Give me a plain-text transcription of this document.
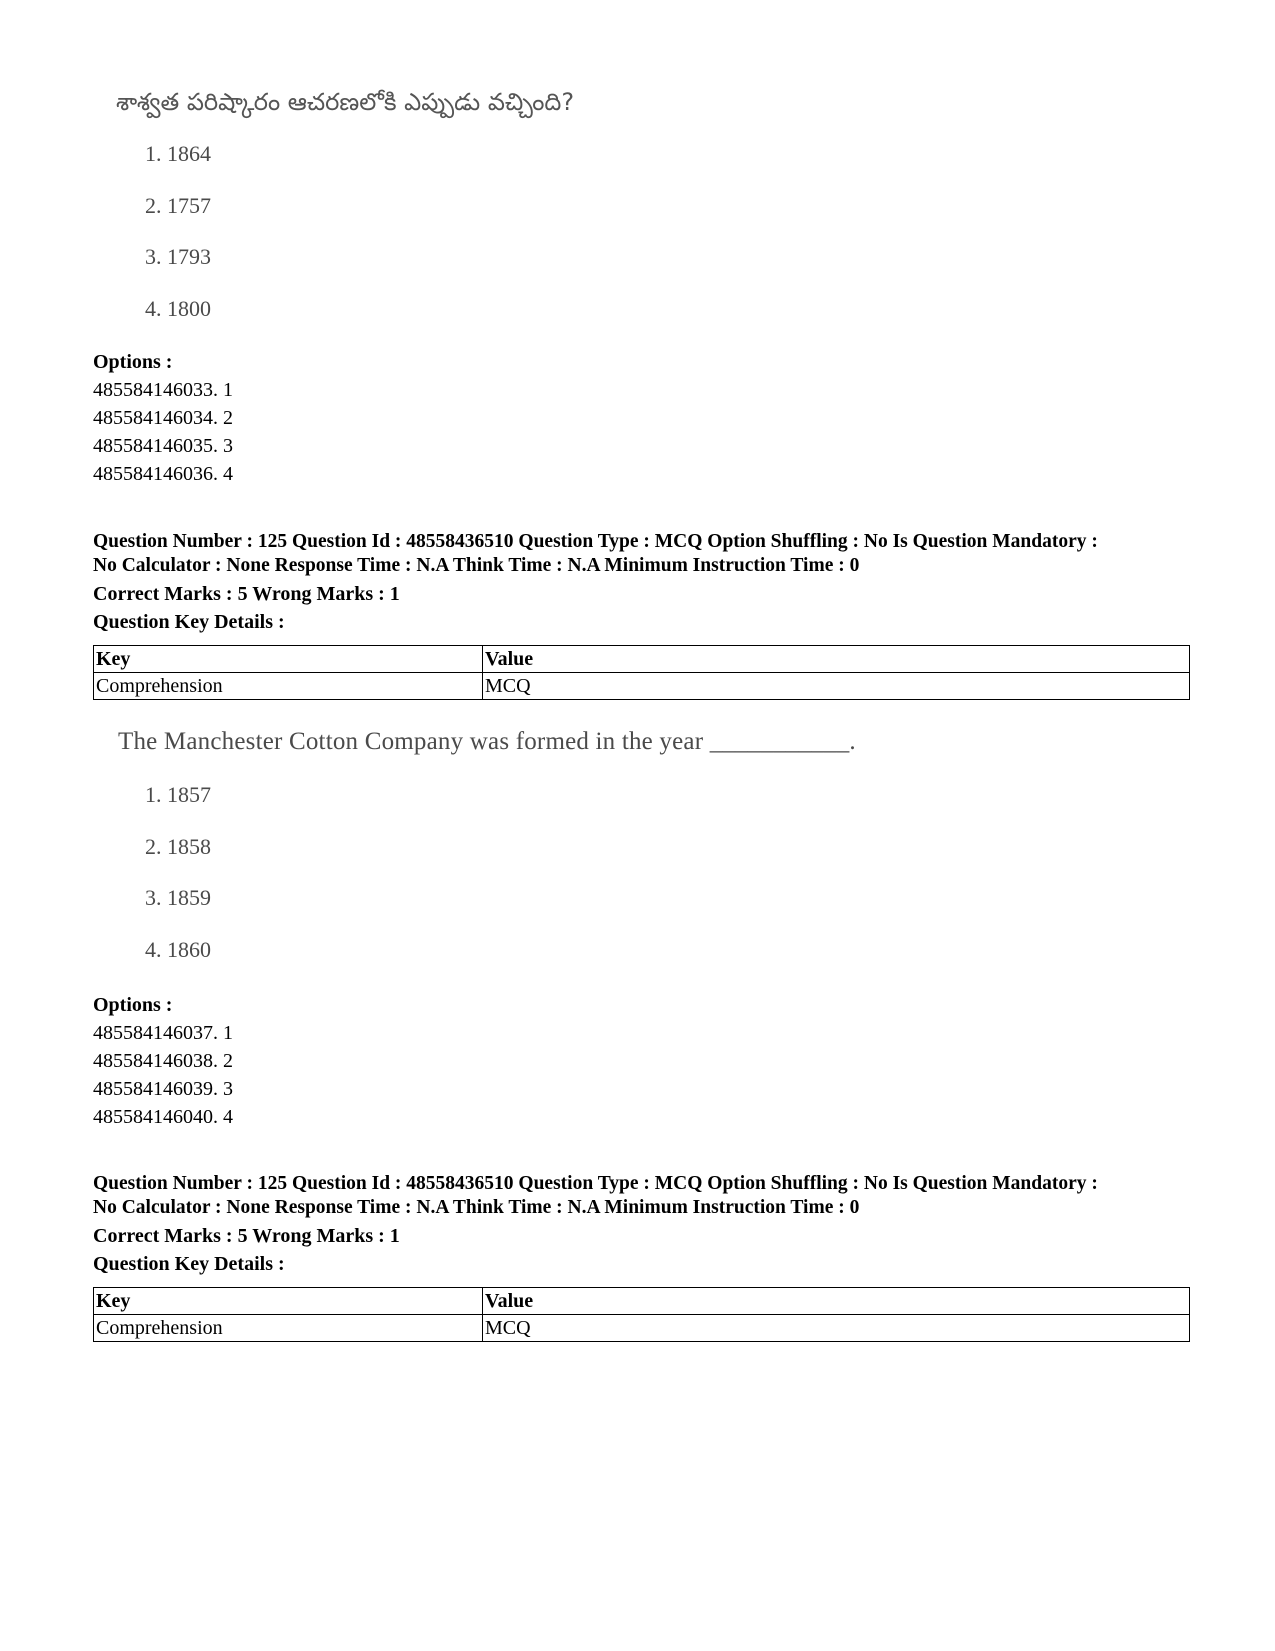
శాశ్వత పరిష్కారం ఆచరణలోకి ఎప్పుడు వచ్చింది?
1. 1864
2. 1757
3. 1793
4. 1800
Options :
485584146033. 1
485584146034. 2
485584146035. 3
485584146036. 4
Question Number : 125 Question Id : 48558436510 Question Type : MCQ Option Shuffling : No Is Question Mandatory :
No Calculator : None Response Time : N.A Think Time : N.A Minimum Instruction Time : 0
Correct Marks : 5 Wrong Marks : 1
Question Key Details :
Key	Value
Comprehension	MCQ
The Manchester Cotton Company was formed in the year ___________.
1. 1857
2. 1858
3. 1859
4. 1860
Options :
485584146037. 1
485584146038. 2
485584146039. 3
485584146040. 4
Question Number : 125 Question Id : 48558436510 Question Type : MCQ Option Shuffling : No Is Question Mandatory :
No Calculator : None Response Time : N.A Think Time : N.A Minimum Instruction Time : 0
Correct Marks : 5 Wrong Marks : 1
Question Key Details :
Key	Value
Comprehension	MCQ
